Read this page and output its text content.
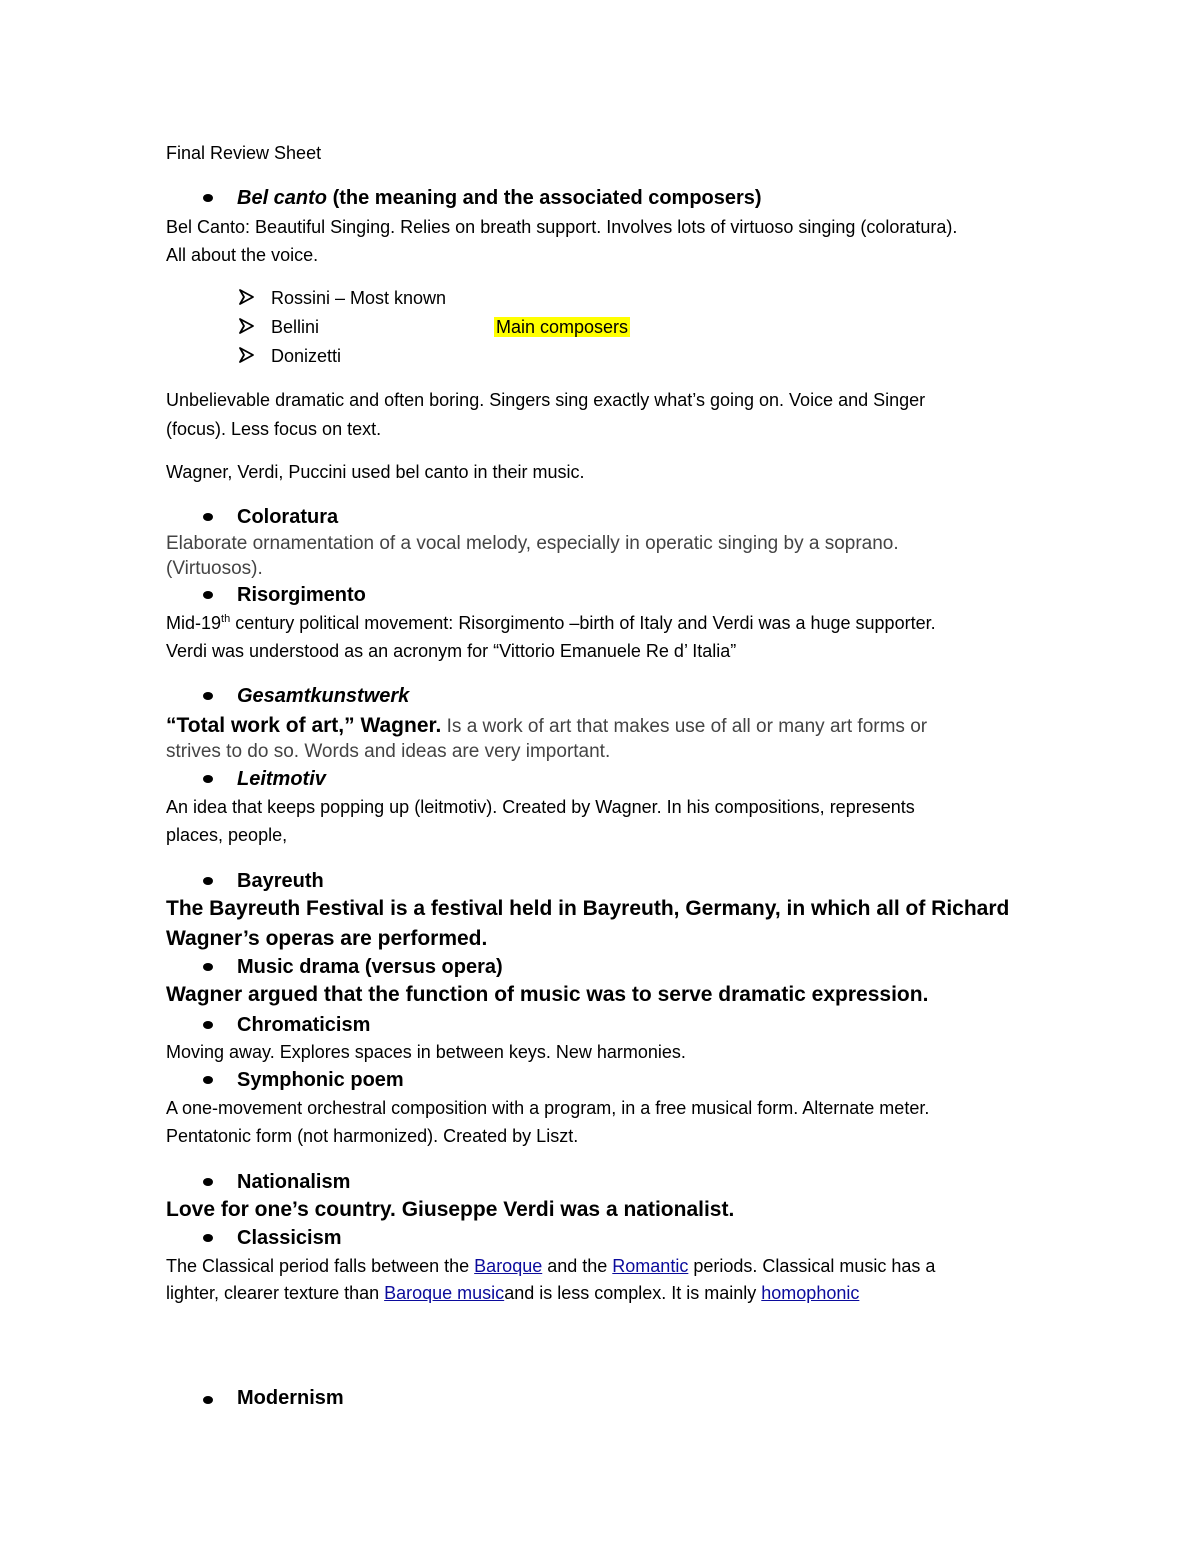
Final Review Sheet
Bel canto (the meaning and the associated composers)
Bel Canto: Beautiful Singing. Relies on breath support. Involves lots of virtuoso singing (coloratura).
All about the voice.
Rossini – Most known
Bellini	Main composers
Donizetti
Unbelievable dramatic and often boring. Singers sing exactly what’s going on. Voice and Singer
(focus). Less focus on text.
Wagner, Verdi, Puccini used bel canto in their music.
Coloratura
Elaborate ornamentation of a vocal melody, especially in operatic singing by a soprano.
(Virtuosos).
Risorgimento
Mid-19th century political movement: Risorgimento –birth of Italy and Verdi was a huge supporter.
Verdi was understood as an acronym for “Vittorio Emanuele Re d’ Italia”
Gesamtkunstwerk
“Total work of art,” Wagner. Is a work of art that makes use of all or many art forms or
strives to do so. Words and ideas are very important.
Leitmotiv
An idea that keeps popping up (leitmotiv). Created by Wagner. In his compositions, represents
places, people,
Bayreuth
The Bayreuth Festival is a festival held in Bayreuth, Germany, in which all of Richard
Wagner’s operas are performed.
Music drama (versus opera)
Wagner argued that the function of music was to serve dramatic expression.
Chromaticism
Moving away. Explores spaces in between keys. New harmonies.
Symphonic poem
A one-movement orchestral composition with a program, in a free musical form. Alternate meter.
Pentatonic form (not harmonized). Created by Liszt.
Nationalism
Love for one’s country. Giuseppe Verdi was a nationalist.
Classicism
The Classical period falls between the Baroque and the Romantic periods. Classical music has a
lighter, clearer texture than Baroque musicand is less complex. It is mainly homophonic
Modernism
